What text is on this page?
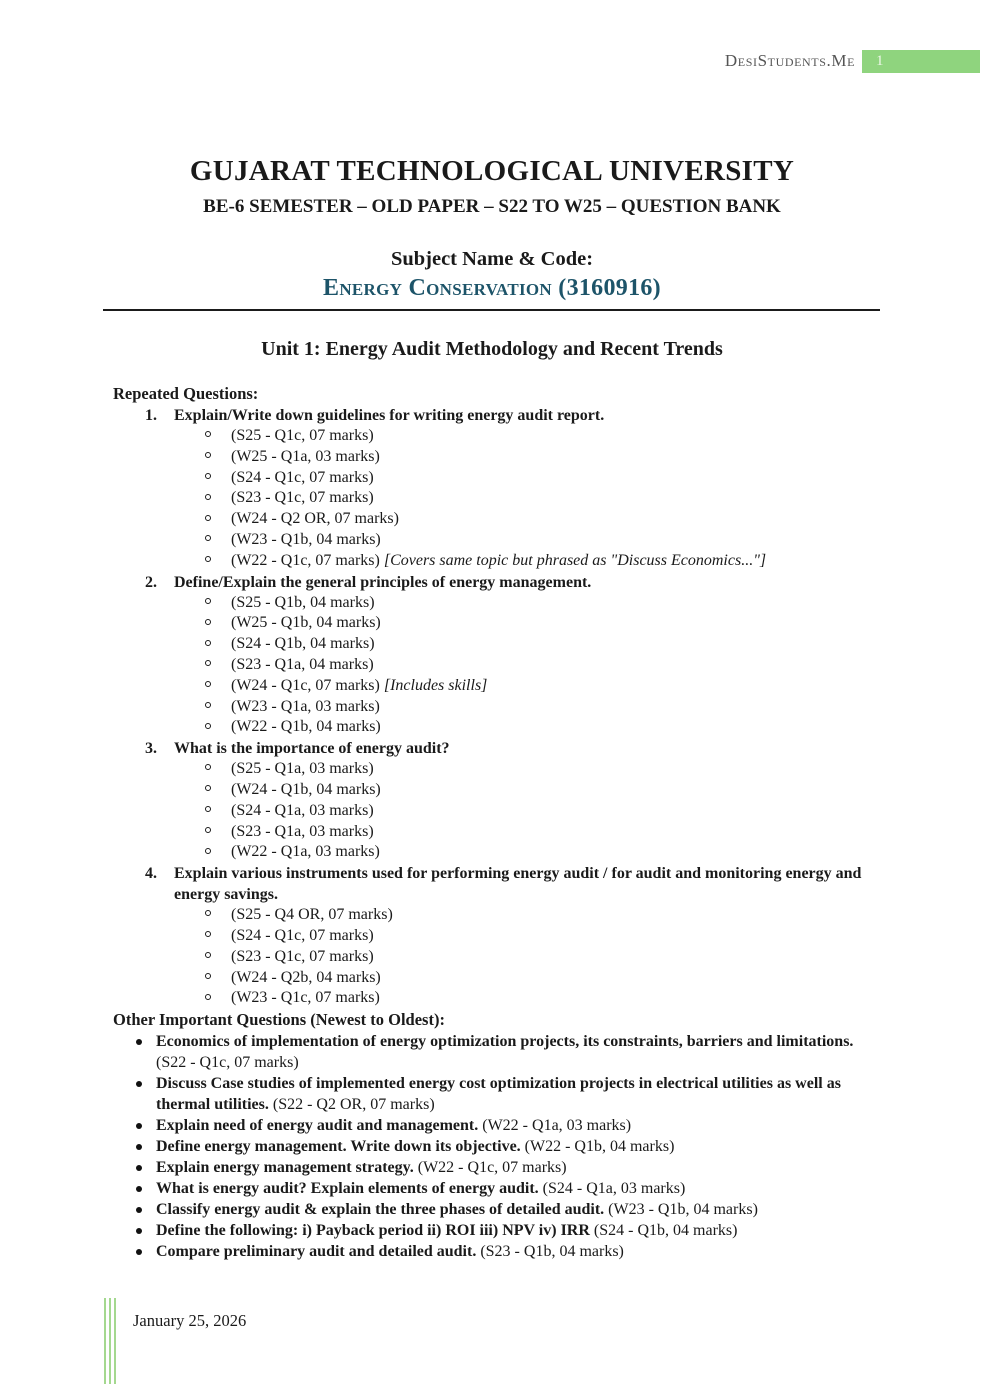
DesiStudents.Me	1
GUJARAT TECHNOLOGICAL UNIVERSITY
BE-6 SEMESTER – OLD PAPER – S22 TO W25 – QUESTION BANK
Subject Name & Code:
Energy Conservation (3160916)
Unit 1: Energy Audit Methodology and Recent Trends
Repeated Questions:
1.	Explain/Write down guidelines for writing energy audit report.
(S25 - Q1c, 07 marks)
(W25 - Q1a, 03 marks)
(S24 - Q1c, 07 marks)
(S23 - Q1c, 07 marks)
(W24 - Q2 OR, 07 marks)
(W23 - Q1b, 04 marks)
(W22 - Q1c, 07 marks) [Covers same topic but phrased as "Discuss Economics..."]
2.	Define/Explain the general principles of energy management.
(S25 - Q1b, 04 marks)
(W25 - Q1b, 04 marks)
(S24 - Q1b, 04 marks)
(S23 - Q1a, 04 marks)
(W24 - Q1c, 07 marks) [Includes skills]
(W23 - Q1a, 03 marks)
(W22 - Q1b, 04 marks)
3.	What is the importance of energy audit?
(S25 - Q1a, 03 marks)
(W24 - Q1b, 04 marks)
(S24 - Q1a, 03 marks)
(S23 - Q1a, 03 marks)
(W22 - Q1a, 03 marks)
4.	Explain various instruments used for performing energy audit / for audit and monitoring energy and energy savings.
(S25 - Q4 OR, 07 marks)
(S24 - Q1c, 07 marks)
(S23 - Q1c, 07 marks)
(W24 - Q2b, 04 marks)
(W23 - Q1c, 07 marks)
Other Important Questions (Newest to Oldest):
Economics of implementation of energy optimization projects, its constraints, barriers and limitations. (S22 - Q1c, 07 marks)
Discuss Case studies of implemented energy cost optimization projects in electrical utilities as well as thermal utilities. (S22 - Q2 OR, 07 marks)
Explain need of energy audit and management. (W22 - Q1a, 03 marks)
Define energy management. Write down its objective. (W22 - Q1b, 04 marks)
Explain energy management strategy. (W22 - Q1c, 07 marks)
What is energy audit? Explain elements of energy audit. (S24 - Q1a, 03 marks)
Classify energy audit & explain the three phases of detailed audit. (W23 - Q1b, 04 marks)
Define the following: i) Payback period ii) ROI iii) NPV iv) IRR (S24 - Q1b, 04 marks)
Compare preliminary audit and detailed audit. (S23 - Q1b, 04 marks)
January 25, 2026
